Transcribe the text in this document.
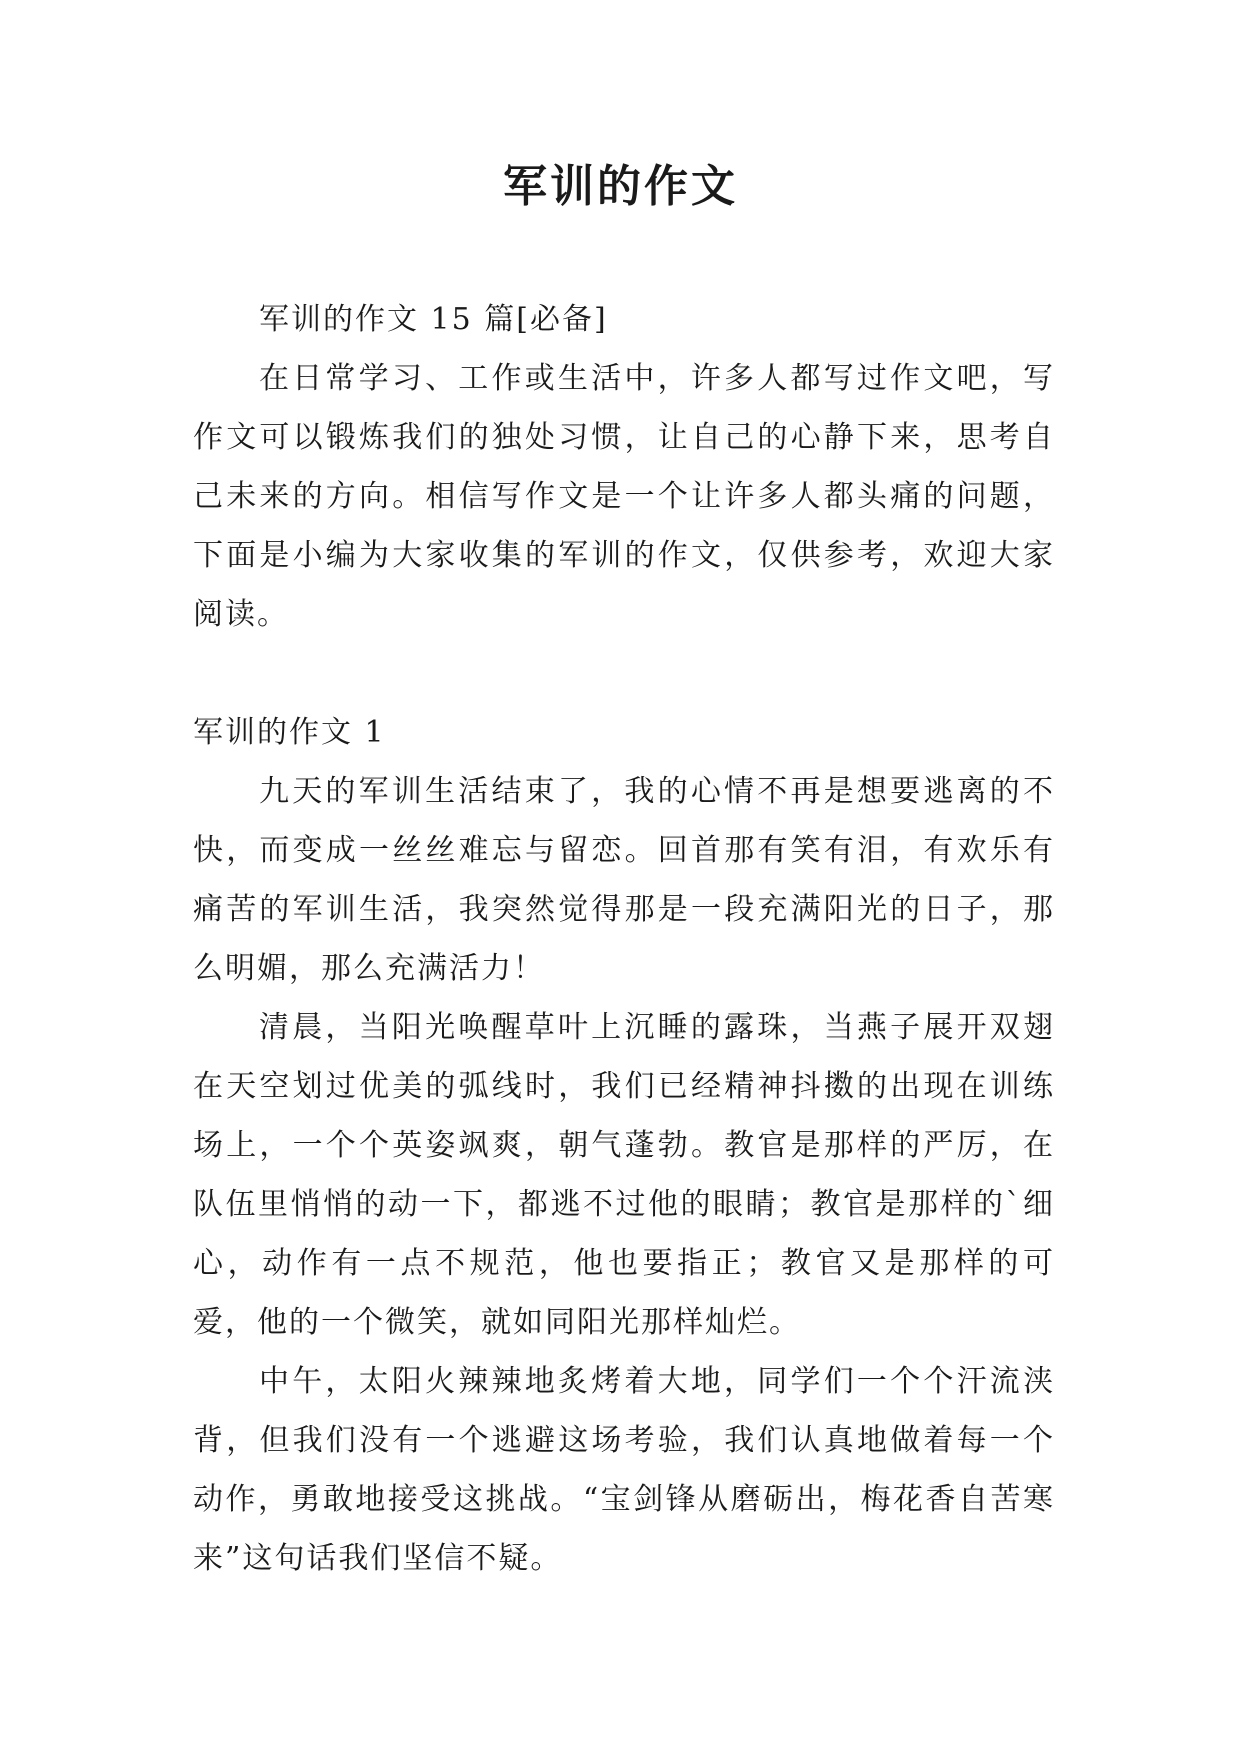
军训的作文

军训的作文 15 篇[必备]

在日常学习、工作或生活中，许多人都写过作文吧，写作文可以锻炼我们的独处习惯，让自己的心静下来，思考自己未来的方向。相信写作文是一个让许多人都头痛的问题，下面是小编为大家收集的军训的作文，仅供参考，欢迎大家阅读。

军训的作文 1

九天的军训生活结束了，我的心情不再是想要逃离的不快，而变成一丝丝难忘与留恋。回首那有笑有泪，有欢乐有痛苦的军训生活，我突然觉得那是一段充满阳光的日子，那么明媚，那么充满活力！

清晨，当阳光唤醒草叶上沉睡的露珠，当燕子展开双翅在天空划过优美的弧线时，我们已经精神抖擞的出现在训练场上，一个个英姿飒爽，朝气蓬勃。教官是那样的严厉，在队伍里悄悄的动一下，都逃不过他的眼睛；教官是那样的`细心，动作有一点不规范，他也要指正；教官又是那样的可爱，他的一个微笑，就如同阳光那样灿烂。

中午，太阳火辣辣地炙烤着大地，同学们一个个汗流浃背，但我们没有一个逃避这场考验，我们认真地做着每一个动作，勇敢地接受这挑战。“宝剑锋从磨砺出，梅花香自苦寒来”这句话我们坚信不疑。
